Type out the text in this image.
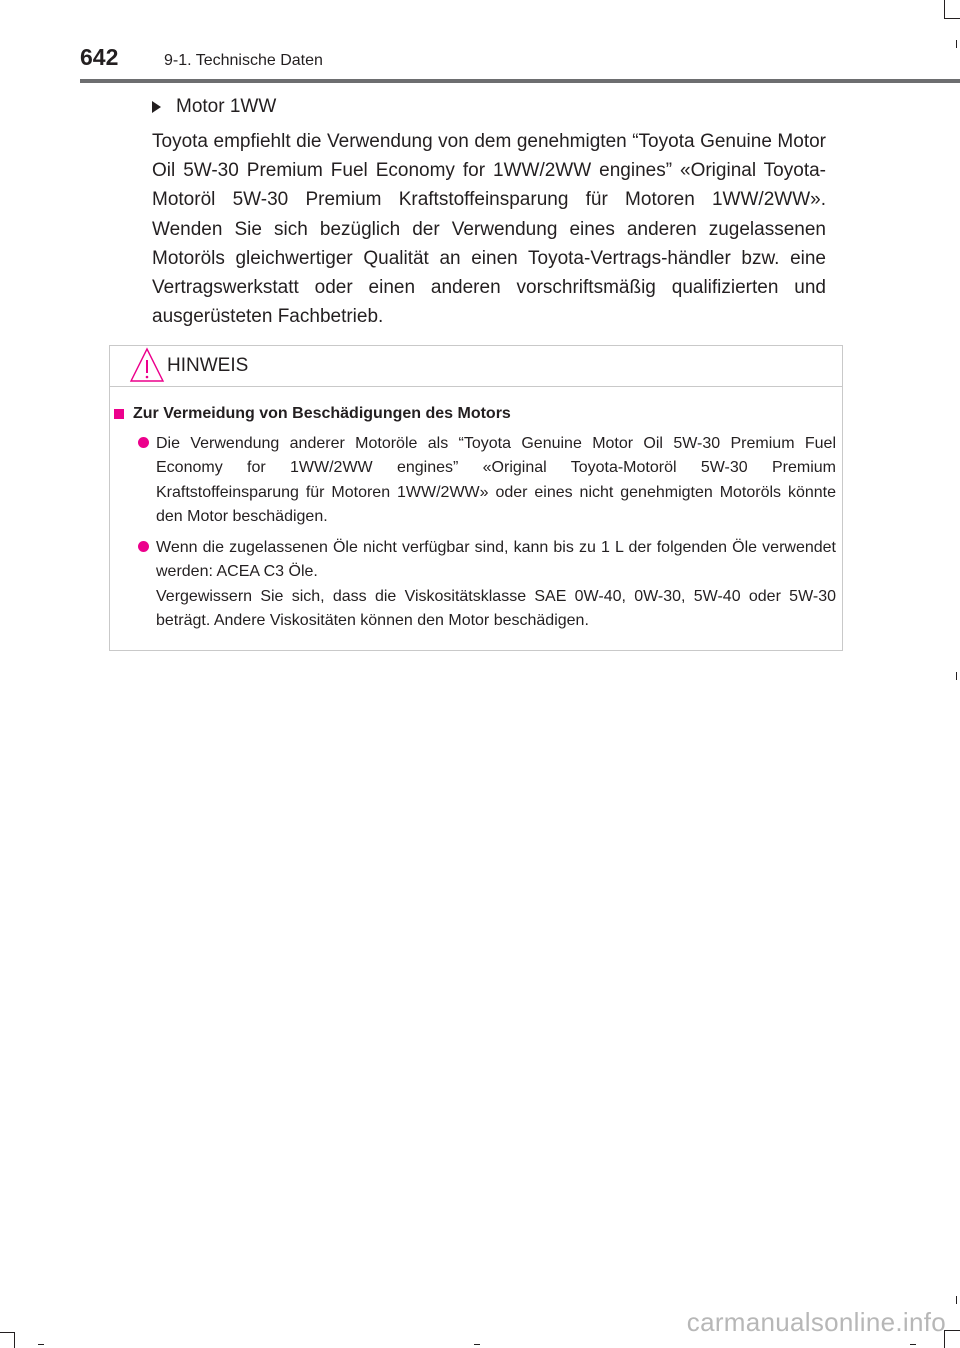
642	9-1. Technische Daten
Motor 1WW

Toyota empfiehlt die Verwendung von dem genehmigten “Toyota Genuine Motor Oil 5W-30 Premium Fuel Economy for 1WW/2WW engines” «Original Toyota-Motoröl 5W-30 Premium Kraftstoffeinsparung für Motoren 1WW/2WW». Wenden Sie sich bezüglich der Verwendung eines anderen zugelassenen Motoröls gleichwertiger Qualität an einen Toyota-Vertrags-händler bzw. eine Vertragswerkstatt oder einen anderen vorschriftsmäßig qualifizierten und ausgerüsteten Fachbetrieb.

HINWEIS
Zur Vermeidung von Beschädigungen des Motors
Die Verwendung anderer Motoröle als “Toyota Genuine Motor Oil 5W-30 Premium Fuel Economy for 1WW/2WW engines” «Original Toyota-Motoröl 5W-30 Premium Kraftstoffeinsparung für Motoren 1WW/2WW» oder eines nicht genehmigten Motoröls könnte den Motor beschädigen.
Wenn die zugelassenen Öle nicht verfügbar sind, kann bis zu 1 L der folgenden Öle verwendet werden: ACEA C3 Öle.
Vergewissern Sie sich, dass die Viskositätsklasse SAE 0W-40, 0W-30, 5W-40 oder 5W-30 beträgt. Andere Viskositäten können den Motor beschädigen.
carmanualsonline.info
